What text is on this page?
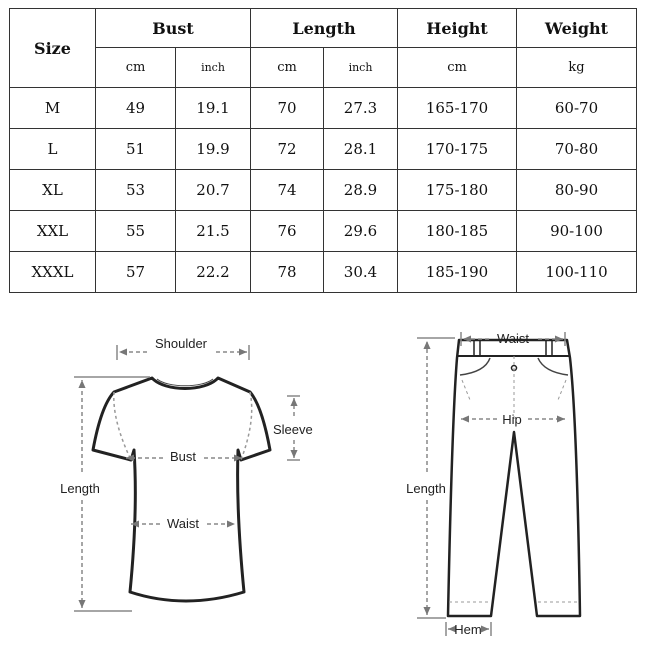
Size	Bust		Length		Height	Weight
	cm	inch	cm	inch	cm	kg
M	49	19.1	70	27.3	165-170	60-70
L	51	19.9	72	28.1	170-175	70-80
XL	53	20.7	74	28.9	175-180	80-90
XXL	55	21.5	76	29.6	180-185	90-100
XXXL	57	22.2	78	30.4	185-190	100-110
Shoulder
Sleeve
Bust
Waist
Length
Waist
Hip
Length
Hem
